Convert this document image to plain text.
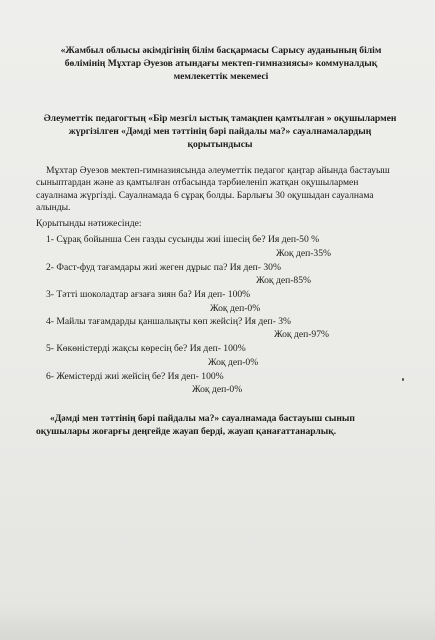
«Жамбыл облысы әкімдігінің білім басқармасы Сарысу ауданының білім
бөлімінің Мұхтар Әуезов атындағы мектеп-гимназиясы» коммуналдық
мемлекеттік мекемесі
Әлеуметтік педагогтың «Бір мезгіл ыстық тамақпен қамтылған » оқушылармен
жүргізілген «Дәмді мен тәттінің бәрі пайдалы ма?» сауалнамалардың
қорытындысы
Мұхтар Әуезов мектеп-гимназиясында әлеуметтік педагог қаңтар айында бастауыш
сыныптардан және аз қамтылған отбасында тәрбиеленіп жатқан оқушылармен
сауалнама жүргізді. Сауалнамада 6 сұрақ болды. Барлығы 30 оқушыдан сауалнама
алынды.
Қорытынды нәтижесінде:
1- Сұрақ бойынша Сен газды сусынды жиі ішесің бе? Ия деп-50 %
Жоқ деп-35%
2- Фаст-фуд тағамдары жиі жеген дұрыс па? Ия деп- 30%
Жоқ деп-85%
3- Тәтті шоколадтар ағзаға зиян ба? Ия деп- 100%
Жоқ деп-0%
4- Майлы тағамдарды қаншалықты көп жейсің? Ия деп- 3%
Жоқ деп-97%
5- Көкөністерді жақсы көресің бе? Ия деп- 100%
Жоқ деп-0%
6- Жемістерді жиі жейсің бе? Ия деп- 100%
Жоқ деп-0%
«Дәмді мен тәттінің бәрі пайдалы ма?» сауалнамада бастауыш сынып
оқушылары жоғарғы деңгейде жауап берді, жауап қанағаттанарлық.
